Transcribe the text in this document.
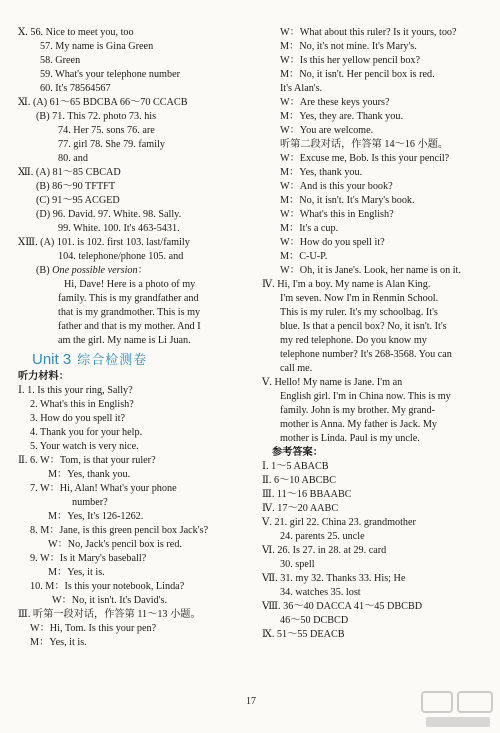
Ⅹ. 56. Nice to meet you, too
57. My name is Gina Green
58. Green
59. What's your telephone number
60. It's 78564567
Ⅺ. (A) 61～65 BDCBA 66～70 CCACB
(B) 71. This 72. photo 73. his
74. Her 75. sons 76. are
77. girl 78. She 79. family
80. and
Ⅻ. (A) 81～85 CBCAD
(B) 86～90 TFTFT
(C) 91～95 ACGED
(D) 96. David. 97. White. 98. Sally.
99. White. 100. It's 463-5431.
ⅩⅢ. (A) 101. is 102. first 103. last/family
104. telephone/phone 105. and
(B) One possible version：
Hi, Dave! Here is a photo of my
family. This is my grandfather and
that is my grandmother. This is my
father and that is my mother. And I
am the girl. My name is Li Juan.
Unit 3 综合检测卷
听力材料：
Ⅰ. 1. Is this your ring, Sally?
2. What's this in English?
3. How do you spell it?
4. Thank you for your help.
5. Your watch is very nice.
Ⅱ. 6. W：Tom, is that your ruler?
M：Yes, thank you.
7. W：Hi, Alan! What's your phone
number?
M：Yes, It's 126-1262.
8. M：Jane, is this green pencil box Jack's?
W：No, Jack's pencil box is red.
9. W：Is it Mary's baseball?
M：Yes, it is.
10. M：Is this your notebook, Linda?
W：No, it isn't. It's David's.
Ⅲ. 听第一段对话，作答第 11～13 小题。
W：Hi, Tom. Is this your pen?
M：Yes, it is.
W：What about this ruler? Is it yours, too?
M：No, it's not mine. It's Mary's.
W：Is this her yellow pencil box?
M：No, it isn't. Her pencil box is red.
It's Alan's.
W：Are these keys yours?
M：Yes, they are. Thank you.
W：You are welcome.
听第二段对话，作答第 14～16 小题。
W：Excuse me, Bob. Is this your pencil?
M：Yes, thank you.
W：And is this your book?
M：No, it isn't. It's Mary's book.
W：What's this in English?
M：It's a cup.
W：How do you spell it?
M：C-U-P.
W：Oh, it is Jane's. Look, her name is on it.
Ⅳ. Hi, I'm a boy. My name is Alan King.
I'm seven. Now I'm in Renmin School.
This is my ruler. It's my schoolbag. It's
blue. Is that a pencil box? No, it isn't. It's
my red telephone. Do you know my
telephone number? It's 268-3568. You can
call me.
Ⅴ. Hello! My name is Jane. I'm an
English girl. I'm in China now. This is my
family. John is my brother. My grand-
mother is Anna. My father is Jack. My
mother is Linda. Paul is my uncle.
参考答案：
Ⅰ. 1～5 ABACB
Ⅱ. 6～10 ABCBC
Ⅲ. 11～16 BBAABC
Ⅳ. 17～20 AABC
Ⅴ. 21. girl 22. China 23. grandmother
24. parents 25. uncle
Ⅵ. 26. Is 27. in 28. at 29. card
30. spell
Ⅶ. 31. my 32. Thanks 33. His; He
34. watches 35. lost
Ⅷ. 36～40 DACCA 41～45 DBCBD
46～50 DCBCD
Ⅸ. 51～55 DEACB
17
